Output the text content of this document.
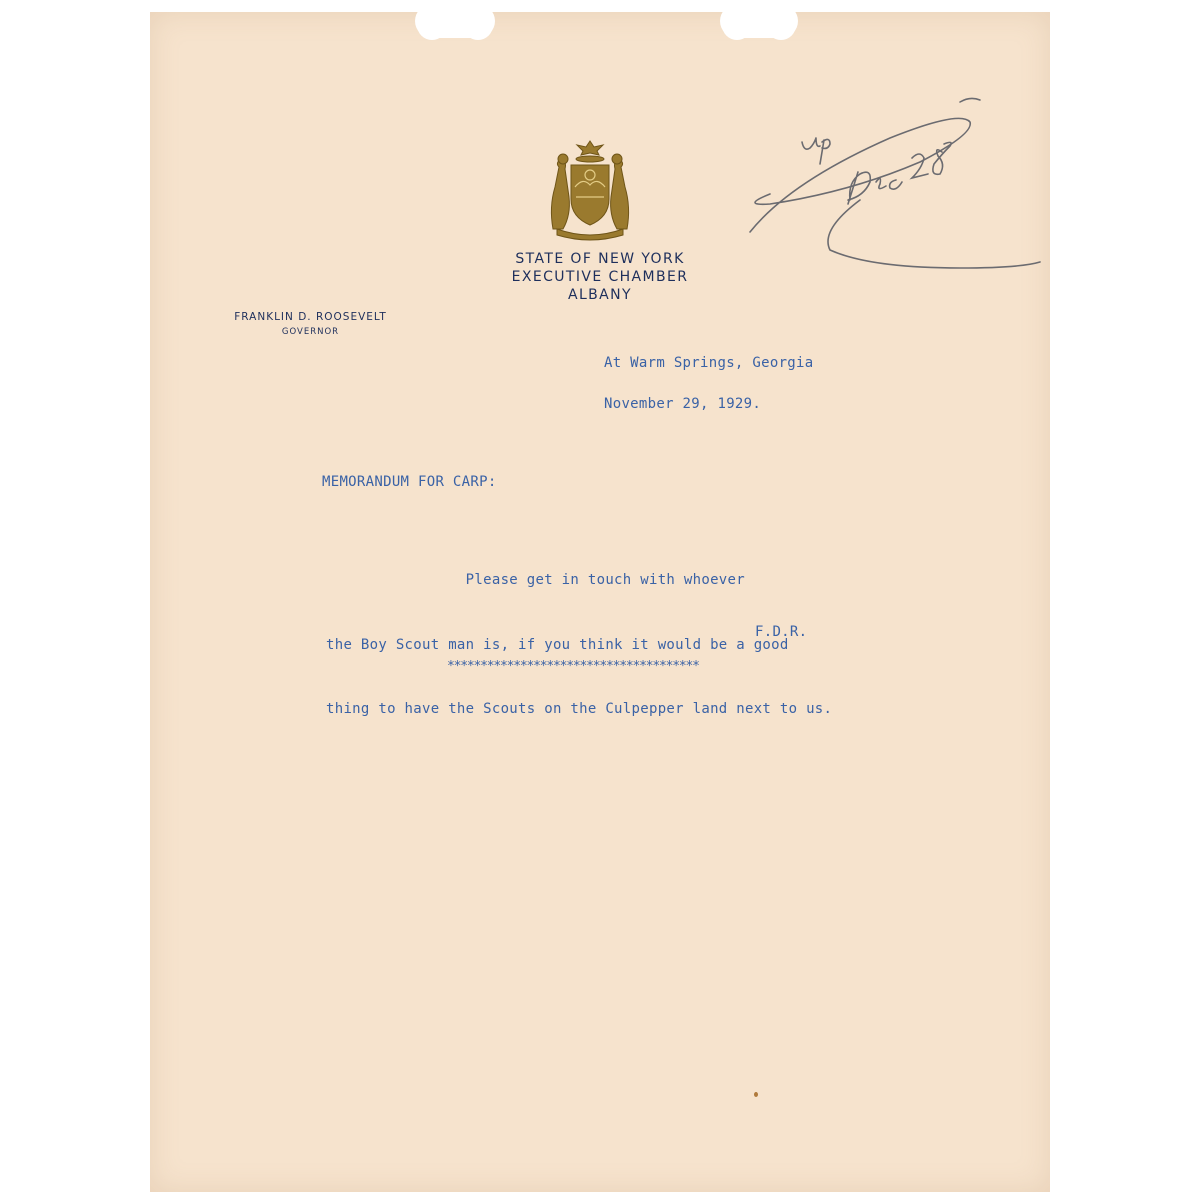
STATE OF NEW YORK
EXECUTIVE CHAMBER
ALBANY
FRANKLIN D. ROOSEVELT
GOVERNOR
At Warm Springs, Georgia
November 29, 1929.
MEMORANDUM FOR CARP:

Please get in touch with whoever

the Boy Scout man is, if you think it would be a good

thing to have the Scouts on the Culpepper land next to us.

F.D.R.
**************************************
